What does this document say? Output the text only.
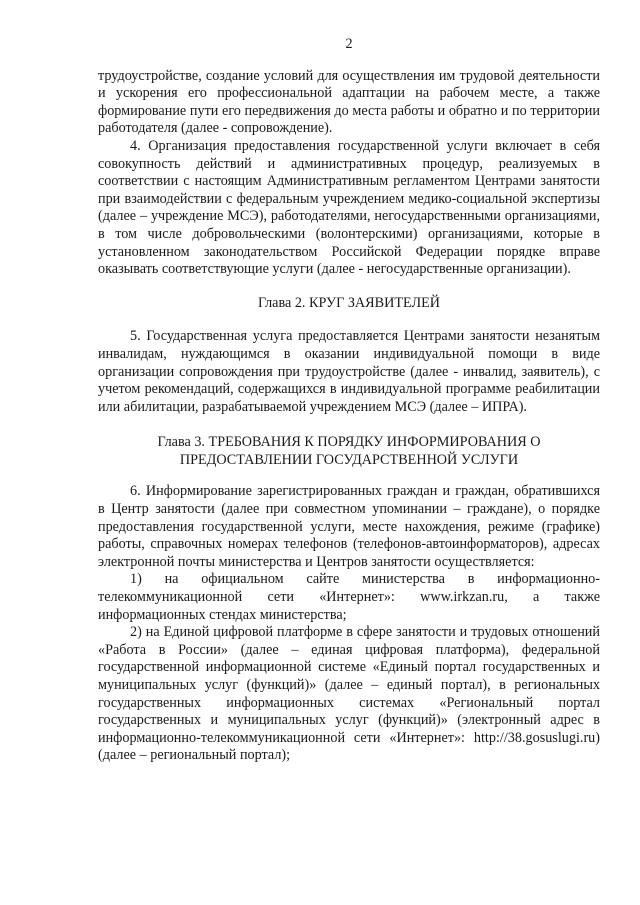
2

трудоустройстве, создание условий для осуществления им трудовой деятельности и ускорения его профессиональной адаптации на рабочем месте, а также формирование пути его передвижения до места работы и обратно и по территории работодателя (далее - сопровождение).

4. Организация предоставления государственной услуги включает в себя совокупность действий и административных процедур, реализуемых в соответствии с настоящим Административным регламентом Центрами занятости при взаимодействии с федеральным учреждением медико-социальной экспертизы (далее – учреждение МСЭ), работодателями, негосударственными организациями, в том числе добровольческими (волонтерскими) организациями, которые в установленном законодательством Российской Федерации порядке вправе оказывать соответствующие услуги (далее - негосударственные организации).

Глава 2. КРУГ ЗАЯВИТЕЛЕЙ

5. Государственная услуга предоставляется Центрами занятости незанятым инвалидам, нуждающимся в оказании индивидуальной помощи в виде организации сопровождения при трудоустройстве (далее - инвалид, заявитель), с учетом рекомендаций, содержащихся в индивидуальной программе реабилитации или абилитации, разрабатываемой учреждением МСЭ (далее – ИПРА).

Глава 3. ТРЕБОВАНИЯ К ПОРЯДКУ ИНФОРМИРОВАНИЯ О
ПРЕДОСТАВЛЕНИИ ГОСУДАРСТВЕННОЙ УСЛУГИ

6. Информирование зарегистрированных граждан и граждан, обратившихся в Центр занятости (далее при совместном упоминании – граждане), о порядке предоставления государственной услуги, месте нахождения, режиме (графике) работы, справочных номерах телефонов (телефонов-автоинформаторов), адресах электронной почты министерства и Центров занятости осуществляется:

1) на официальном сайте министерства в информационно-телекоммуникационной сети «Интернет»: www.irkzan.ru, а также информационных стендах министерства;

2) на Единой цифровой платформе в сфере занятости и трудовых отношений «Работа в России» (далее – единая цифровая платформа), федеральной государственной информационной системе «Единый портал государственных и муниципальных услуг (функций)» (далее – единый портал), в региональных государственных информационных системах «Региональный портал государственных и муниципальных услуг (функций)» (электронный адрес в информационно-телекоммуникационной сети «Интернет»: http://38.gosuslugi.ru) (далее – региональный портал);
